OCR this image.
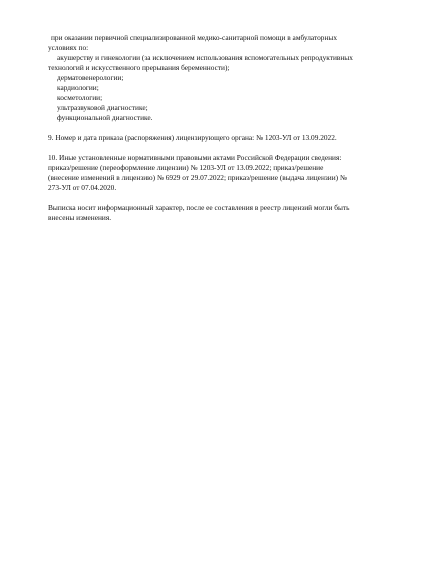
при оказании первичной специализированной медико-санитарной помощи в амбулаторных

условиях по:

акушерству и гинекологии (за исключением использования вспомогательных репродуктивных

технологий и искусственного прерывания беременности);

дерматовенерологии;

кардиологии;

косметологии;

ультразвуковой диагностике;

функциональной диагностике.

9. Номер и дата приказа (распоряжения) лицензирующего органа: № 1203-УЛ от 13.09.2022.

10. Иные установленные нормативными правовыми актами Российской Федерации сведения:

приказ/решение (переоформление лицензии) № 1203-УЛ от 13.09.2022; приказ/решение

(внесение изменений в лицензию) № 6929 от 29.07.2022; приказ/решение (выдача лицензии) №

273-УЛ от 07.04.2020.

Выписка носит информационный характер, после ее составления в реестр лицензий могли быть

внесены изменения.
